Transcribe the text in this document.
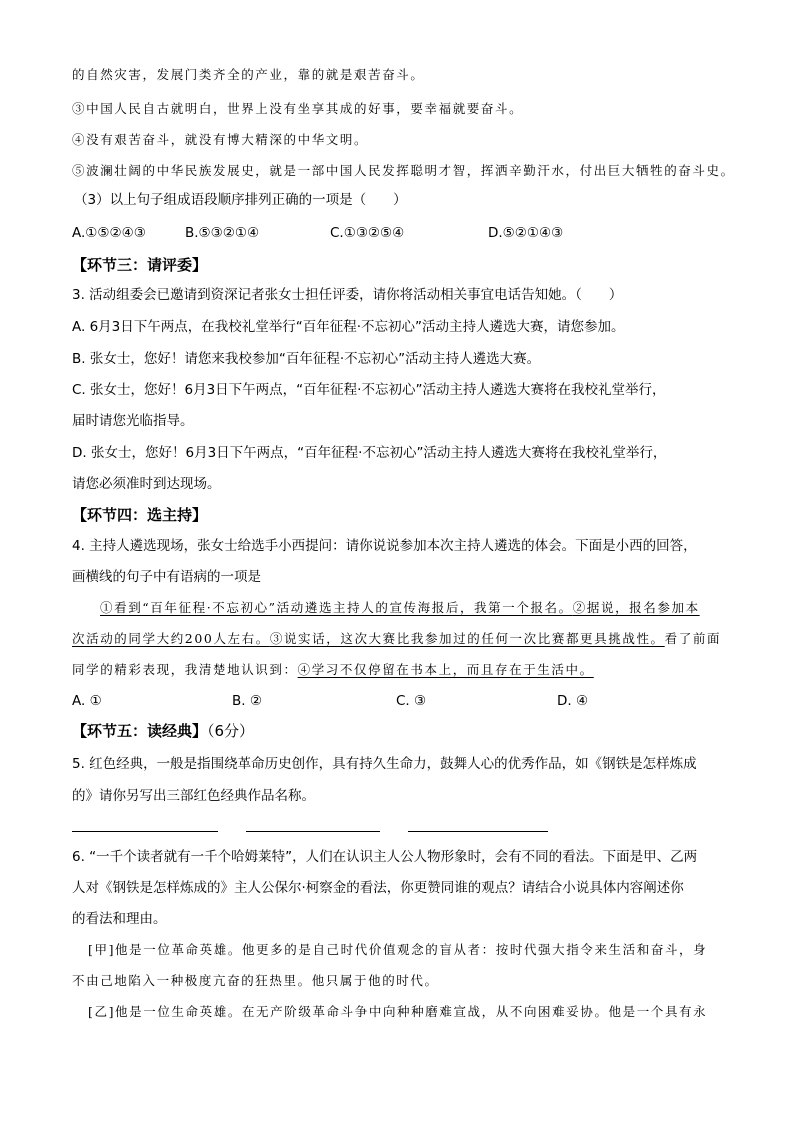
的自然灾害，发展门类齐全的产业，靠的就是艰苦奋斗。

③中国人民自古就明白，世界上没有坐享其成的好事，要幸福就要奋斗。

④没有艰苦奋斗，就没有博大精深的中华文明。

⑤波澜壮阔的中华民族发展史，就是一部中国人民发挥聪明才智，挥洒辛勤汗水，付出巨大牺牲的奋斗史。

（3）以上句子组成语段顺序排列正确的一项是（　　）

A.①⑤②④③	B.⑤③②①④	C.①③②⑤④	D.⑤②①④③

【环节三：请评委】

3. 活动组委会已邀请到资深记者张女士担任评委，请你将活动相关事宜电话告知她。（　　）

A. 6月3日下午两点，在我校礼堂举行“百年征程·不忘初心”活动主持人遴选大赛，请您参加。

B. 张女士，您好！请您来我校参加“百年征程·不忘初心”活动主持人遴选大赛。

C. 张女士，您好！6月3日下午两点，“百年征程·不忘初心”活动主持人遴选大赛将在我校礼堂举行，

届时请您光临指导。

D. 张女士，您好！6月3日下午两点，“百年征程·不忘初心”活动主持人遴选大赛将在我校礼堂举行，

请您必须准时到达现场。

【环节四：选主持】

4. 主持人遴选现场，张女士给选手小西提问：请你说说参加本次主持人遴选的体会。下面是小西的回答，

画横线的句子中有语病的一项是

①看到“百年征程·不忘初心”活动遴选主持人的宣传海报后，我第一个报名。②据说，报名参加本

次活动的同学大约200人左右。③说实话，这次大赛比我参加过的任何一次比赛都更具挑战性。看了前面

同学的精彩表现，我清楚地认识到：④学习不仅停留在书本上，而且存在于生活中。

A. ①	B. ②	C. ③	D. ④

【环节五：读经典】（6分）

5. 红色经典，一般是指围绕革命历史创作，具有持久生命力，鼓舞人心的优秀作品，如《钢铁是怎样炼成

的》请你另写出三部红色经典作品名称。

6. “一千个读者就有一千个哈姆莱特”，人们在认识主人公人物形象时，会有不同的看法。下面是甲、乙两

人对《钢铁是怎样炼成的》主人公保尔·柯察金的看法，你更赞同谁的观点？请结合小说具体内容阐述你

的看法和理由。

[甲]他是一位革命英雄。他更多的是自己时代价值观念的盲从者：按时代强大指令来生活和奋斗，身

不由己地陷入一种极度亢奋的狂热里。他只属于他的时代。

[乙]他是一位生命英雄。在无产阶级革命斗争中向种种磨难宣战，从不向困难妥协。他是一个具有永
